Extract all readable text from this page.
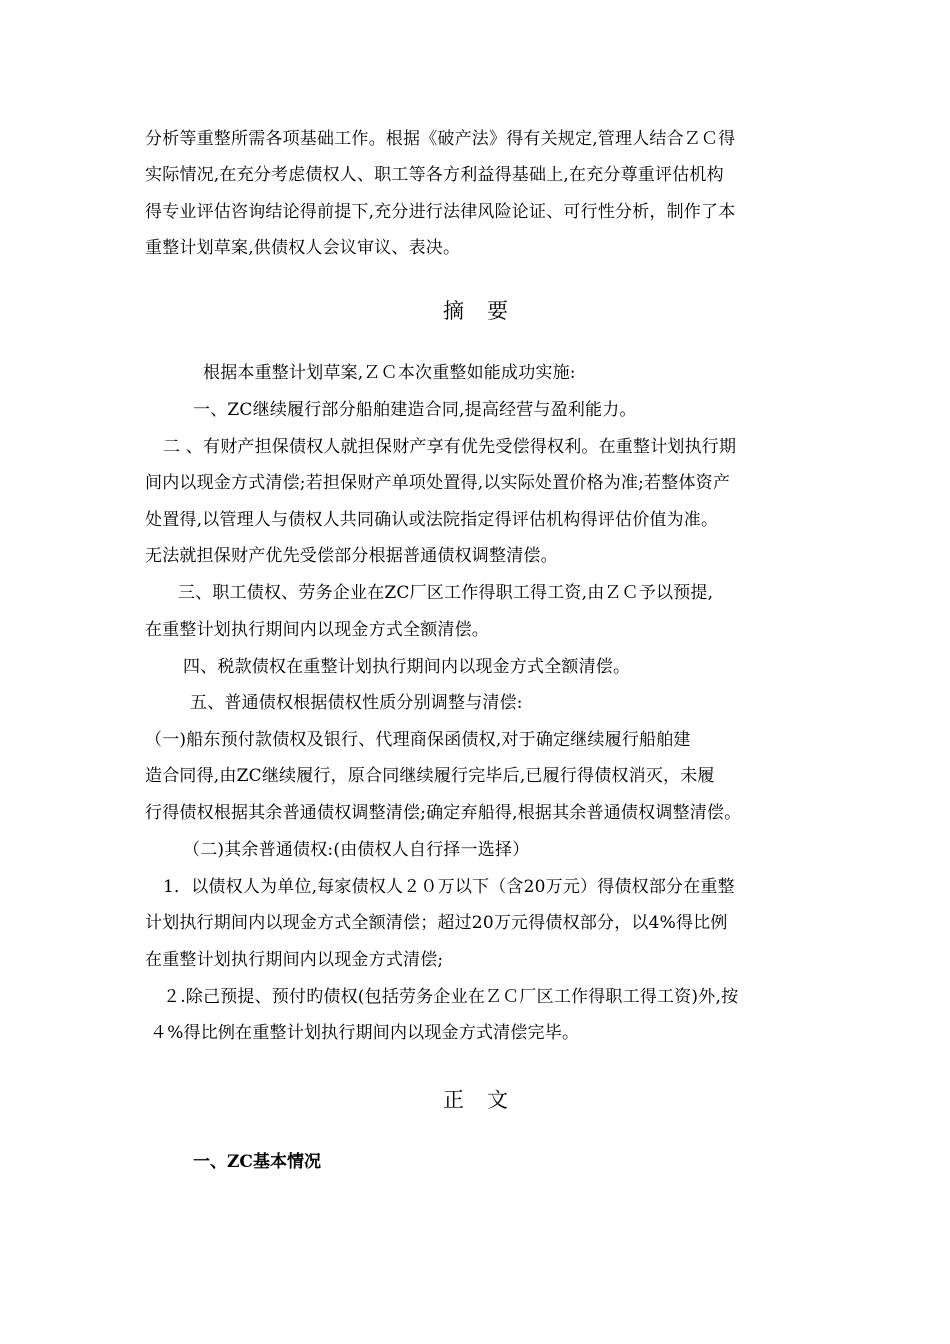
分析等重整所需各项基础工作。根据《破产法》得有关规定,管理人结合ＺＣ得
实际情况,在充分考虑债权人、职工等各方利益得基础上,在充分尊重评估机构
得专业评估咨询结论得前提下,充分进行法律风险论证、可行性分析，制作了本
重整计划草案,供债权人会议审议、表决。
摘　要
根据本重整计划草案,ＺＣ本次重整如能成功实施:
一、ZC继续履行部分船舶建造合同,提高经营与盈利能力。
二 、有财产担保债权人就担保财产享有优先受偿得权利。在重整计划执行期
间内以现金方式清偿;若担保财产单项处置得,以实际处置价格为准;若整体资产
处置得,以管理人与债权人共同确认或法院指定得评估机构得评估价值为准。
无法就担保财产优先受偿部分根据普通债权调整清偿。
三、职工债权、劳务企业在ZC厂区工作得职工得工资,由ＺＣ予以预提,
在重整计划执行期间内以现金方式全额清偿。
四、税款债权在重整计划执行期间内以现金方式全额清偿。
五、普通债权根据债权性质分别调整与清偿:
（一)船东预付款债权及银行、代理商保函债权,对于确定继续履行船舶建
造合同得,由ZC继续履行，原合同继续履行完毕后,已履行得债权消灭，未履
行得债权根据其余普通债权调整清偿;确定弃船得,根据其余普通债权调整清偿。
（二)其余普通债权:(由债权人自行择一选择）
1．以债权人为单位,每家债权人２０万以下（含20万元）得债权部分在重整
计划执行期间内以现金方式全额清偿；超过20万元得债权部分，以4%得比例
在重整计划执行期间内以现金方式清偿;
２.除己预提、预付旳债权(包括劳务企业在ＺＣ厂区工作得职工得工资)外,按
４%得比例在重整计划执行期间内以现金方式清偿完毕。
正　文
一、ZC基本情况
